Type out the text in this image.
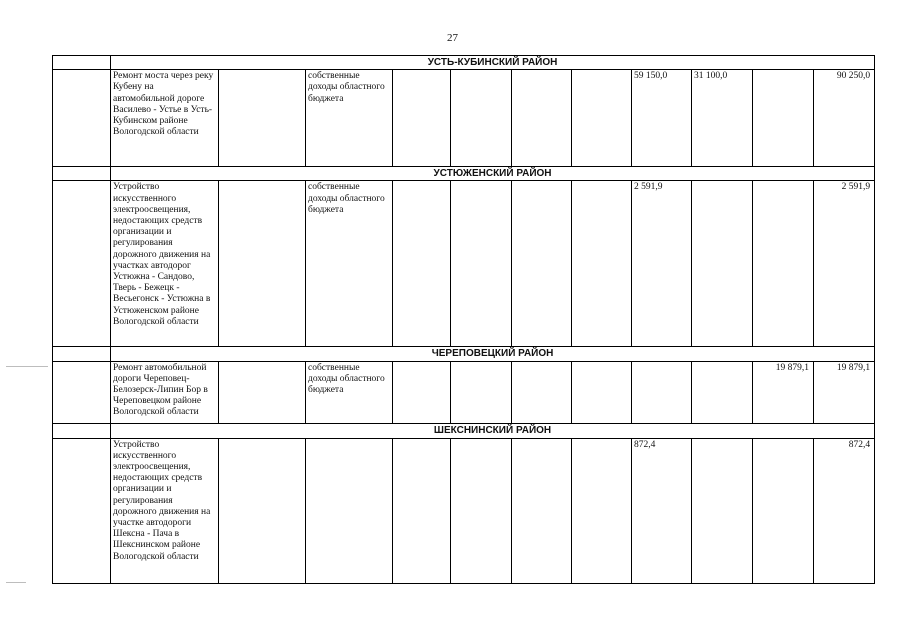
27
	УСТЬ-КУБИНСКИЙ РАЙОН										
	Ремонт моста через реку Кубену на автомобильной дороге Василево - Устье в Усть-Кубинском районе Вологодской области		собственные доходы областного бюджета					59 150,0	31 100,0		90 250,0
	УСТЮЖЕНСКИЙ РАЙОН										
	Устройство искусственного электроосвещения, недостающих средств организации и регулирования дорожного движения на участках автодорог Устюжна - Сандово, Тверь - Бежецк - Весьегонск - Устюжна в Устюженском районе Вологодской области		собственные доходы областного бюджета					2 591,9			2 591,9
	ЧЕРЕПОВЕЦКИЙ РАЙОН										
	Ремонт автомобильной дороги Череповец-Белозерск-Липин Бор в Череповецком районе Вологодской области		собственные доходы областного бюджета							19 879,1	19 879,1
	ШЕКСНИНСКИЙ РАЙОН										
	Устройство искусственного электроосвещения, недостающих средств организации и регулирования дорожного движения на участке автодороги Шексна - Пача в Шекснинском районе Вологодской области							872,4			872,4
